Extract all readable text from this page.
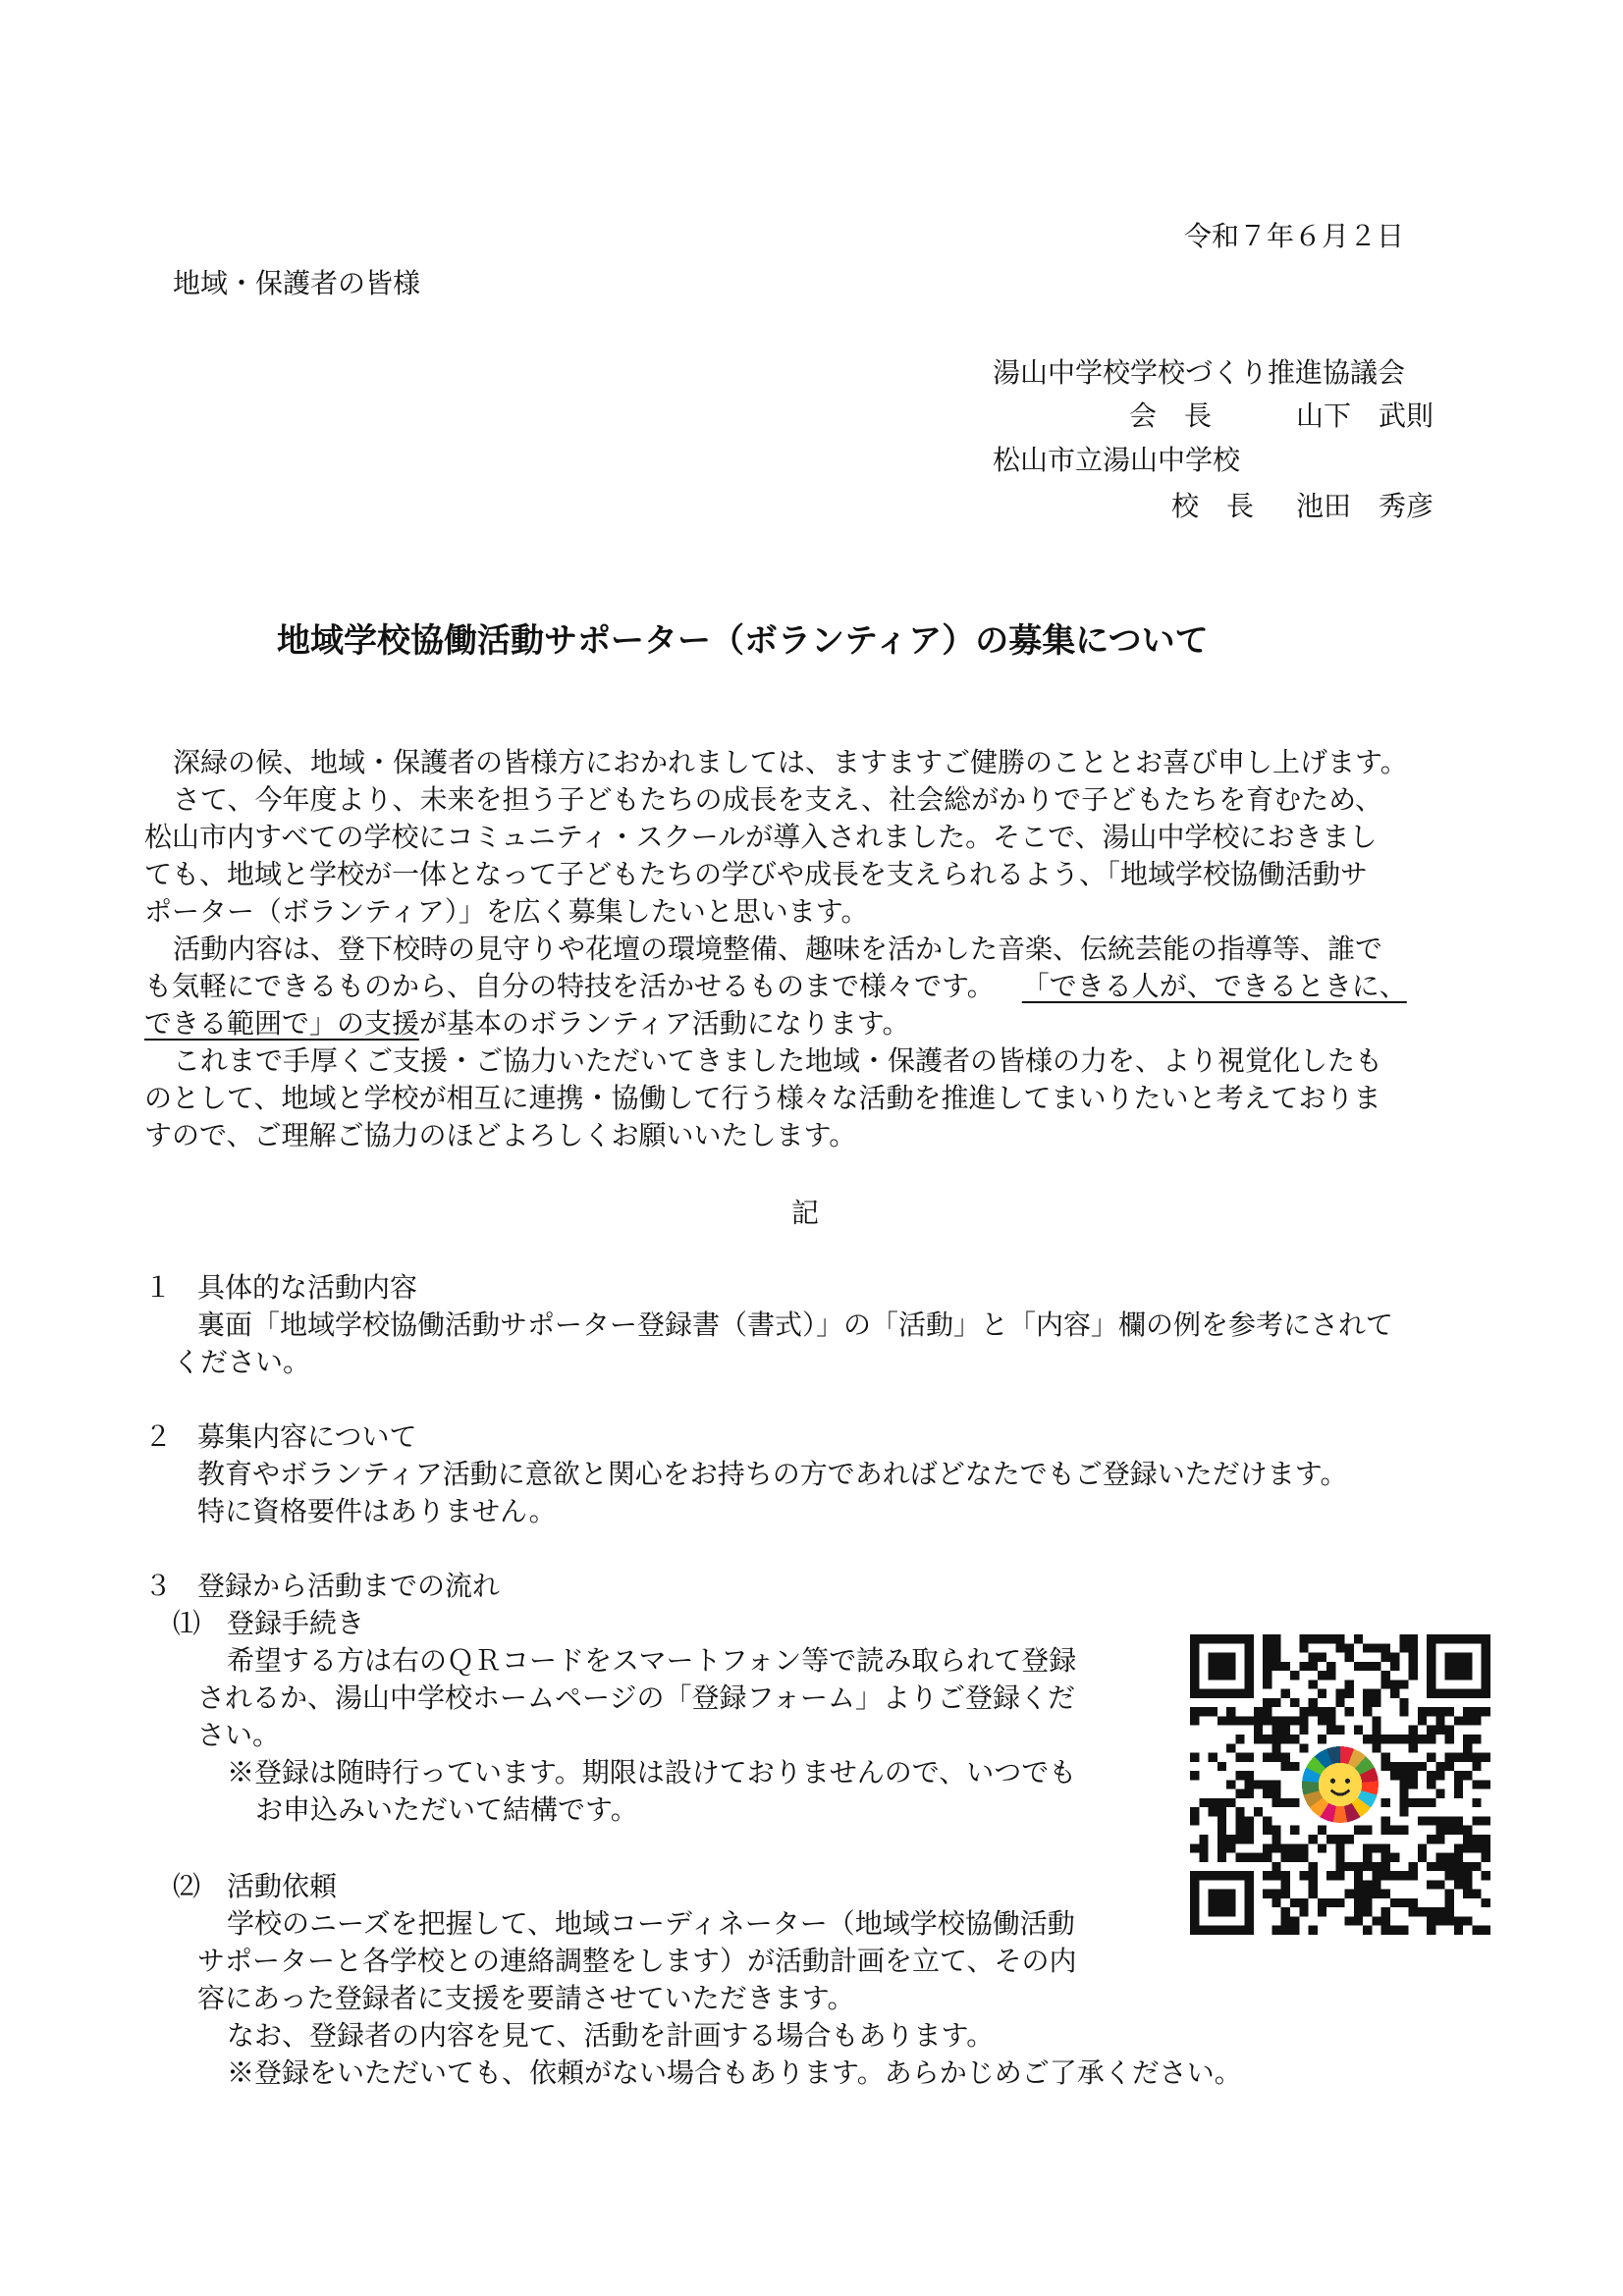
令和７年６月２日
地域・保護者の皆様
湯山中学校学校づくり推進協議会
会　長	山下　武則
松山市立湯山中学校
校　長 池田　秀彦
地域学校協働活動サポーター（ボランティア）の募集について
深緑の候、地域・保護者の皆様方におかれましては、ますますご健勝のこととお喜び申し上げます。
さて、今年度より、未来を担う子どもたちの成長を支え、社会総がかりで子どもたちを育むため、
松山市内すべての学校にコミュニティ・スクールが導入されました。そこで、湯山中学校におきまし
ても、地域と学校が一体となって子どもたちの学びや成長を支えられるよう、「地域学校協働活動サ
ポーター（ボランティア）」を広く募集したいと思います。
活動内容は、登下校時の見守りや花壇の環境整備、趣味を活かした音楽、伝統芸能の指導等、誰で
も気軽にできるものから、自分の特技を活かせるものまで様々です。 「できる人が、できるときに、
できる範囲で」の支援が基本のボランティア活動になります。
これまで手厚くご支援・ご協力いただいてきました地域・保護者の皆様の力を、より視覚化したも
のとして、地域と学校が相互に連携・協働して行う様々な活動を推進してまいりたいと考えておりま
すので、ご理解ご協力のほどよろしくお願いいたします。
記
１ 具体的な活動内容
裏面「地域学校協働活動サポーター登録書（書式）」の「活動」と「内容」欄の例を参考にされて
ください。
２ 募集内容について
教育やボランティア活動に意欲と関心をお持ちの方であればどなたでもご登録いただけます。
特に資格要件はありません。
３ 登録から活動までの流れ
⑴ 登録手続き
希望する方は右のＱＲコードをスマートフォン等で読み取られて登録
されるか、湯山中学校ホームページの「登録フォーム」よりご登録くだ
さい。
※登録は随時行っています。期限は設けておりませんので、いつでも
お申込みいただいて結構です。
⑵ 活動依頼
学校のニーズを把握して、地域コーディネーター（地域学校協働活動
サポーターと各学校との連絡調整をします）が活動計画を立て、その内
容にあった登録者に支援を要請させていただきます。
なお、登録者の内容を見て、活動を計画する場合もあります。
※登録をいただいても、依頼がない場合もあります。あらかじめご了承ください。
